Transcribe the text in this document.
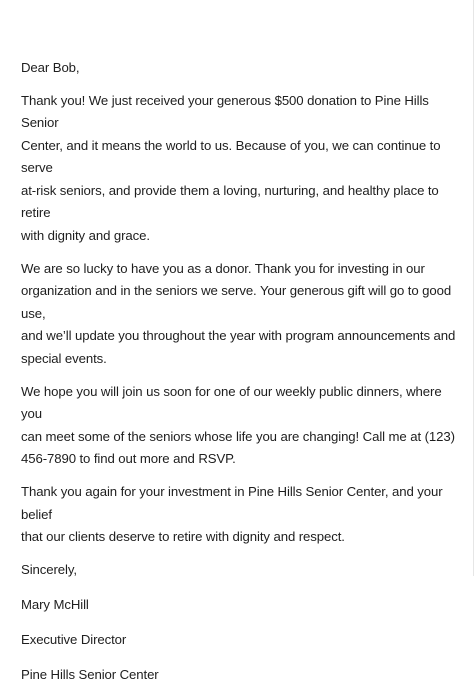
Dear Bob,

Thank you! We just received your generous $500 donation to Pine Hills Senior
Center, and it means the world to us. Because of you, we can continue to serve
at-risk seniors, and provide them a loving, nurturing, and healthy place to retire
with dignity and grace.

We are so lucky to have you as a donor. Thank you for investing in our
organization and in the seniors we serve. Your generous gift will go to good use,
and we’ll update you throughout the year with program announcements and
special events.

We hope you will join us soon for one of our weekly public dinners, where you
can meet some of the seniors whose life you are changing! Call me at (123)
456-7890 to find out more and RSVP.

Thank you again for your investment in Pine Hills Senior Center, and your belief
that our clients deserve to retire with dignity and respect.

Sincerely,

Mary McHill

Executive Director

Pine Hills Senior Center
